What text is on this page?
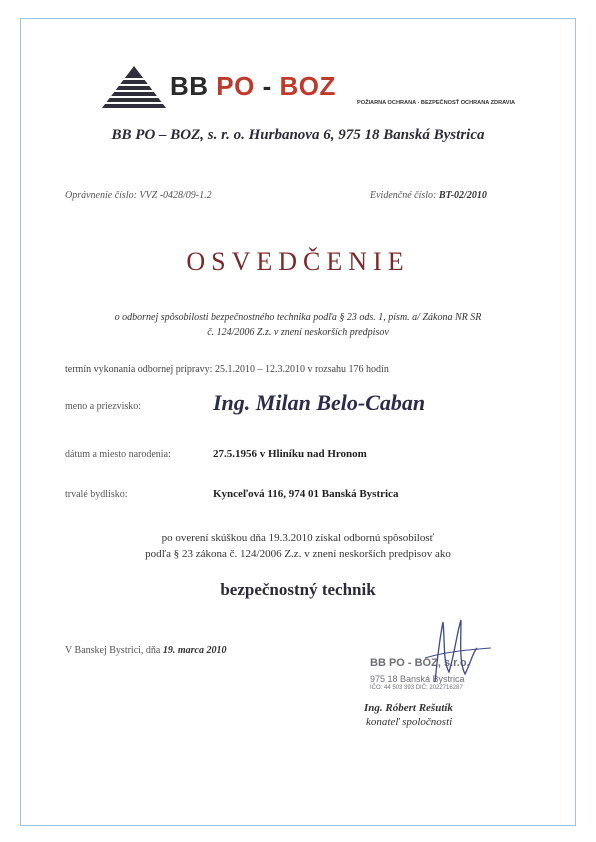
BB PO - BOZ
POŽIARNA OCHRANA - BEZPEČNOSŤ OCHRANA ZDRAVIA
BB PO – BOZ, s. r. o. Hurbanova 6, 975 18 Banská Bystrica
Oprávnenie číslo: VVZ -0428/09-1.2	Evidenčné číslo: BT-02/2010
OSVEDČENIE
o odbornej spôsobilosti bezpečnostného technika podľa § 23 ods. 1, písm. a/ Zákona NR SR
č. 124/2006 Z.z. v znení neskorších predpisov
termín vykonania odbornej prípravy: 25.1.2010 – 12.3.2010 v rozsahu 176 hodín
meno a priezvisko:	Ing. Milan Belo-Caban
dátum a miesto narodenia:	27.5.1956 v Hliníku nad Hronom
trvalé bydlisko:	Kynceľová 116, 974 01 Banská Bystrica
po overení skúškou dňa 19.3.2010 získal odbornú spôsobilosť
podľa § 23 zákona č. 124/2006 Z.z. v znení neskorších predpisov ako
bezpečnostný technik
V Banskej Bystrici, dňa 19. marca 2010
BB PO - BOZ, s.r.o.
975 18 Banská Bystrica
IČO: 44 503 393 DIČ: 2022716287
Ing. Róbert Rešutík
konateľ spoločnosti
